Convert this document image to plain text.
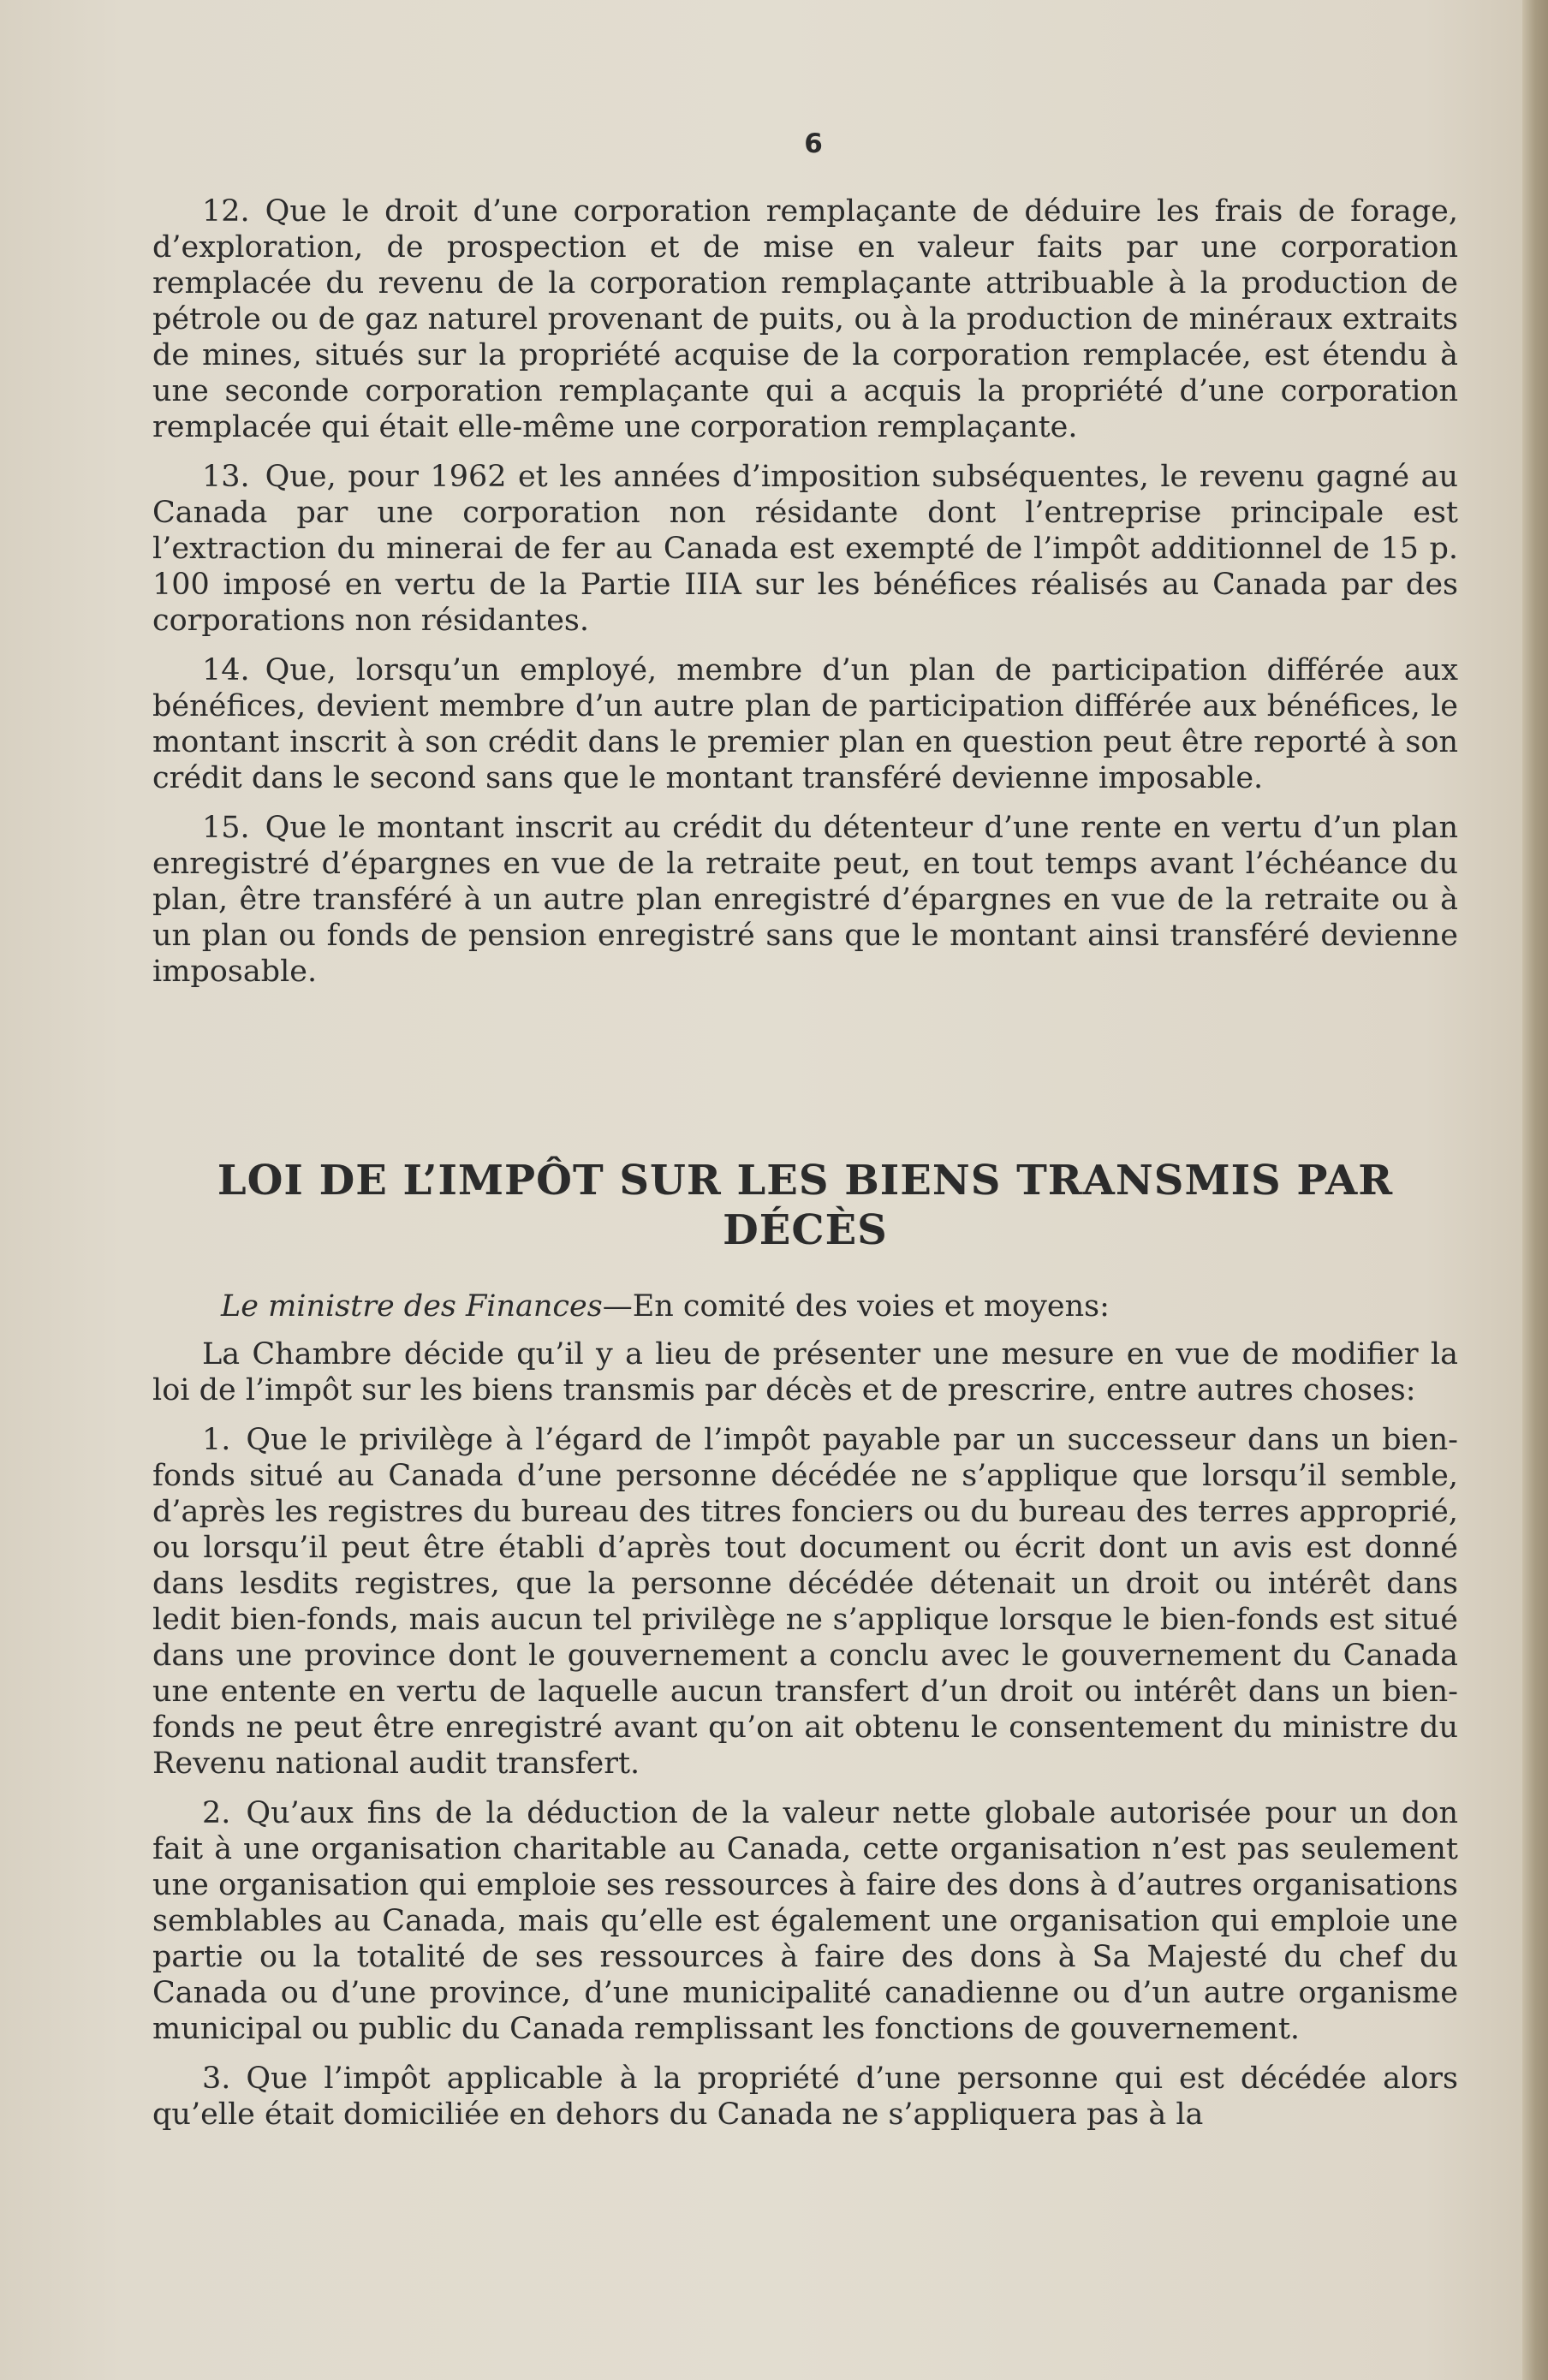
6

12. Que le droit d’une corporation remplaçante de déduire les frais de forage, d’exploration, de prospection et de mise en valeur faits par une corporation remplacée du revenu de la corporation remplaçante attribuable à la production de pétrole ou de gaz naturel provenant de puits, ou à la production de minéraux extraits de mines, situés sur la propriété acquise de la corporation remplacée, est étendu à une seconde corporation remplaçante qui a acquis la propriété d’une corporation remplacée qui était elle-même une corporation remplaçante.

13. Que, pour 1962 et les années d’imposition subséquentes, le revenu gagné au Canada par une corporation non résidante dont l’entreprise principale est l’extraction du minerai de fer au Canada est exempté de l’impôt additionnel de 15 p. 100 imposé en vertu de la Partie IIIA sur les bénéfices réalisés au Canada par des corporations non résidantes.

14. Que, lorsqu’un employé, membre d’un plan de participation différée aux bénéfices, devient membre d’un autre plan de participation différée aux bénéfices, le montant inscrit à son crédit dans le premier plan en question peut être reporté à son crédit dans le second sans que le montant transféré devienne imposable.

15. Que le montant inscrit au crédit du détenteur d’une rente en vertu d’un plan enregistré d’épargnes en vue de la retraite peut, en tout temps avant l’échéance du plan, être transféré à un autre plan enregistré d’épargnes en vue de la retraite ou à un plan ou fonds de pension enregistré sans que le montant ainsi transféré devienne imposable.

LOI DE L’IMPÔT SUR LES BIENS TRANSMIS PAR
DÉCÈS

Le ministre des Finances—En comité des voies et moyens:

La Chambre décide qu’il y a lieu de présenter une mesure en vue de modifier la loi de l’impôt sur les biens transmis par décès et de prescrire, entre autres choses:

1. Que le privilège à l’égard de l’impôt payable par un successeur dans un bien-fonds situé au Canada d’une personne décédée ne s’applique que lorsqu’il semble, d’après les registres du bureau des titres fonciers ou du bureau des terres approprié, ou lorsqu’il peut être établi d’après tout document ou écrit dont un avis est donné dans lesdits registres, que la personne décédée détenait un droit ou intérêt dans ledit bien-fonds, mais aucun tel privilège ne s’applique lorsque le bien-fonds est situé dans une province dont le gouvernement a conclu avec le gouvernement du Canada une entente en vertu de laquelle aucun transfert d’un droit ou intérêt dans un bien-fonds ne peut être enregistré avant qu’on ait obtenu le consentement du ministre du Revenu national audit transfert.

2. Qu’aux fins de la déduction de la valeur nette globale autorisée pour un don fait à une organisation charitable au Canada, cette organisation n’est pas seulement une organisation qui emploie ses ressources à faire des dons à d’autres organisations semblables au Canada, mais qu’elle est également une organisation qui emploie une partie ou la totalité de ses ressources à faire des dons à Sa Majesté du chef du Canada ou d’une province, d’une municipalité canadienne ou d’un autre organisme municipal ou public du Canada remplissant les fonctions de gouvernement.

3. Que l’impôt applicable à la propriété d’une personne qui est décédée alors qu’elle était domiciliée en dehors du Canada ne s’appliquera pas à la
